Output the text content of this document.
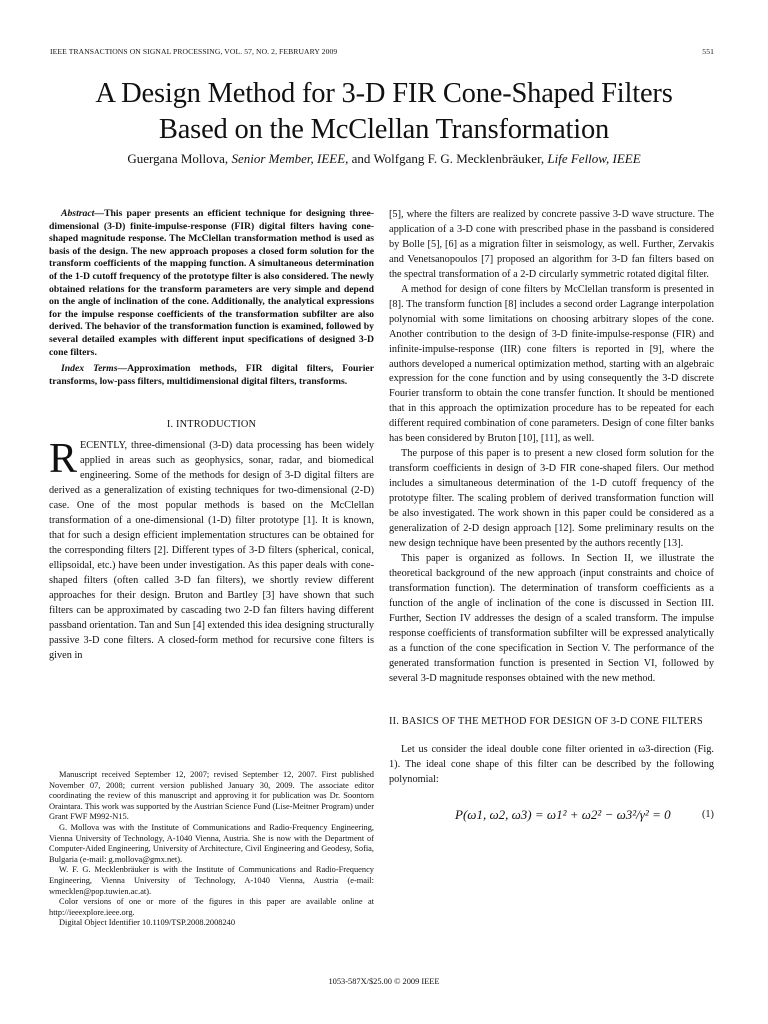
IEEE TRANSACTIONS ON SIGNAL PROCESSING, VOL. 57, NO. 2, FEBRUARY 2009	551
A Design Method for 3-D FIR Cone-Shaped Filters
Based on the McClellan Transformation
Guergana Mollova, Senior Member, IEEE, and Wolfgang F. G. Mecklenbräuker, Life Fellow, IEEE

Abstract—This paper presents an efficient technique for designing three-dimensional (3-D) finite-impulse-response (FIR) digital filters having cone-shaped magnitude response. The McClellan transformation method is used as basis of the design. The new approach proposes a closed form solution for the transform coefficients of the mapping function. A simultaneous determination of the 1-D cutoff frequency of the prototype filter is also considered. The newly obtained relations for the transform parameters are very simple and depend on the angle of inclination of the cone. Additionally, the analytical expressions for the impulse response coefficients of the transformation subfilter are also derived. The behavior of the transformation function is examined, followed by several detailed examples with different input specifications of designed 3-D cone filters.

Index Terms—Approximation methods, FIR digital filters, Fourier transforms, low-pass filters, multidimensional digital filters, transforms.

I. INTRODUCTION

RECENTLY, three-dimensional (3-D) data processing has been widely applied in areas such as geophysics, sonar, radar, and biomedical engineering. Some of the methods for design of 3-D digital filters are derived as a generalization of existing techniques for two-dimensional (2-D) case. One of the most popular methods is based on the McClellan transformation of a one-dimensional (1-D) filter prototype [1]. It is known, that for such a design efficient implementation structures can be obtained for the corresponding filters [2]. Different types of 3-D filters (spherical, conical, ellipsoidal, etc.) have been under investigation. As this paper deals with cone-shaped filters (often called 3-D fan filters), we shortly review different approaches for their design. Bruton and Bartley [3] have shown that such filters can be approximated by cascading two 2-D fan filters having different passband orientation. Tan and Sun [4] extended this idea designing structurally passive 3-D cone filters. A closed-form method for recursive cone filters is given in

Manuscript received September 12, 2007; revised September 12, 2007. First published November 07, 2008; current version published January 30, 2009. The associate editor coordinating the review of this manuscript and approving it for publication was Dr. Soontorn Oraintara. This work was supported by the Austrian Science Fund (Lise-Meitner Program) under Grant FWF M992-N15.

G. Mollova was with the Institute of Communications and Radio-Frequency Engineering, Vienna University of Technology, A-1040 Vienna, Austria. She is now with the Department of Computer-Aided Engineering, University of Architecture, Civil Engineering and Geodesy, Sofia, Bulgaria (e-mail: g.mollova@gmx.net).

W. F. G. Mecklenbräuker is with the Institute of Communications and Radio-Frequency Engineering, Vienna University of Technology, A-1040 Vienna, Austria (e-mail: wmecklen@pop.tuwien.ac.at).

Color versions of one or more of the figures in this paper are available online at http://ieeexplore.ieee.org.

Digital Object Identifier 10.1109/TSP.2008.2008240

[5], where the filters are realized by concrete passive 3-D wave structure. The application of a 3-D cone with prescribed phase in the passband is considered by Bolle [5], [6] as a migration filter in seismology, as well. Further, Zervakis and Venetsanopoulos [7] proposed an algorithm for 3-D fan filters based on the spectral transformation of a 2-D circularly symmetric rotated digital filter.

A method for design of cone filters by McClellan transform is presented in [8]. The transform function [8] includes a second order Lagrange interpolation polynomial with some limitations on choosing arbitrary slopes of the cone. Another contribution to the design of 3-D finite-impulse-response (FIR) and infinite-impulse-response (IIR) cone filters is reported in [9], where the authors developed a numerical optimization method, starting with an algebraic expression for the cone function and by using consequently the 3-D discrete Fourier transform to obtain the cone transfer function. It should be mentioned that in this approach the optimization procedure has to be repeated for each different required combination of cone parameters. Design of cone filter banks has been considered by Bruton [10], [11], as well.

The purpose of this paper is to present a new closed form solution for the transform coefficients in design of 3-D FIR cone-shaped filers. Our method includes a simultaneous determination of the 1-D cutoff frequency of the prototype filter. The scaling problem of derived transformation function will be also investigated. The work shown in this paper could be considered as a generalization of 2-D design approach [12]. Some preliminary results on the new design technique have been presented by the authors recently [13].

This paper is organized as follows. In Section II, we illustrate the theoretical background of the new approach (input constraints and choice of transformation function). The determination of transform coefficients as a function of the angle of inclination of the cone is discussed in Section III. Further, Section IV addresses the design of a scaled transform. The impulse response coefficients of transformation subfilter will be expressed analytically as a function of the cone specification in Section V. The performance of the generated transformation function is presented in Section VI, followed by several 3-D magnitude responses obtained with the new method.

II. BASICS OF THE METHOD FOR DESIGN OF 3-D CONE FILTERS

Let us consider the ideal double cone filter oriented in ω3-direction (Fig. 1). The ideal cone shape of this filter can be described by the following polynomial:

P(ω1, ω2, ω3) = ω1² + ω2² − ω3²/γ² = 0	(1)
1053-587X/$25.00 © 2009 IEEE
